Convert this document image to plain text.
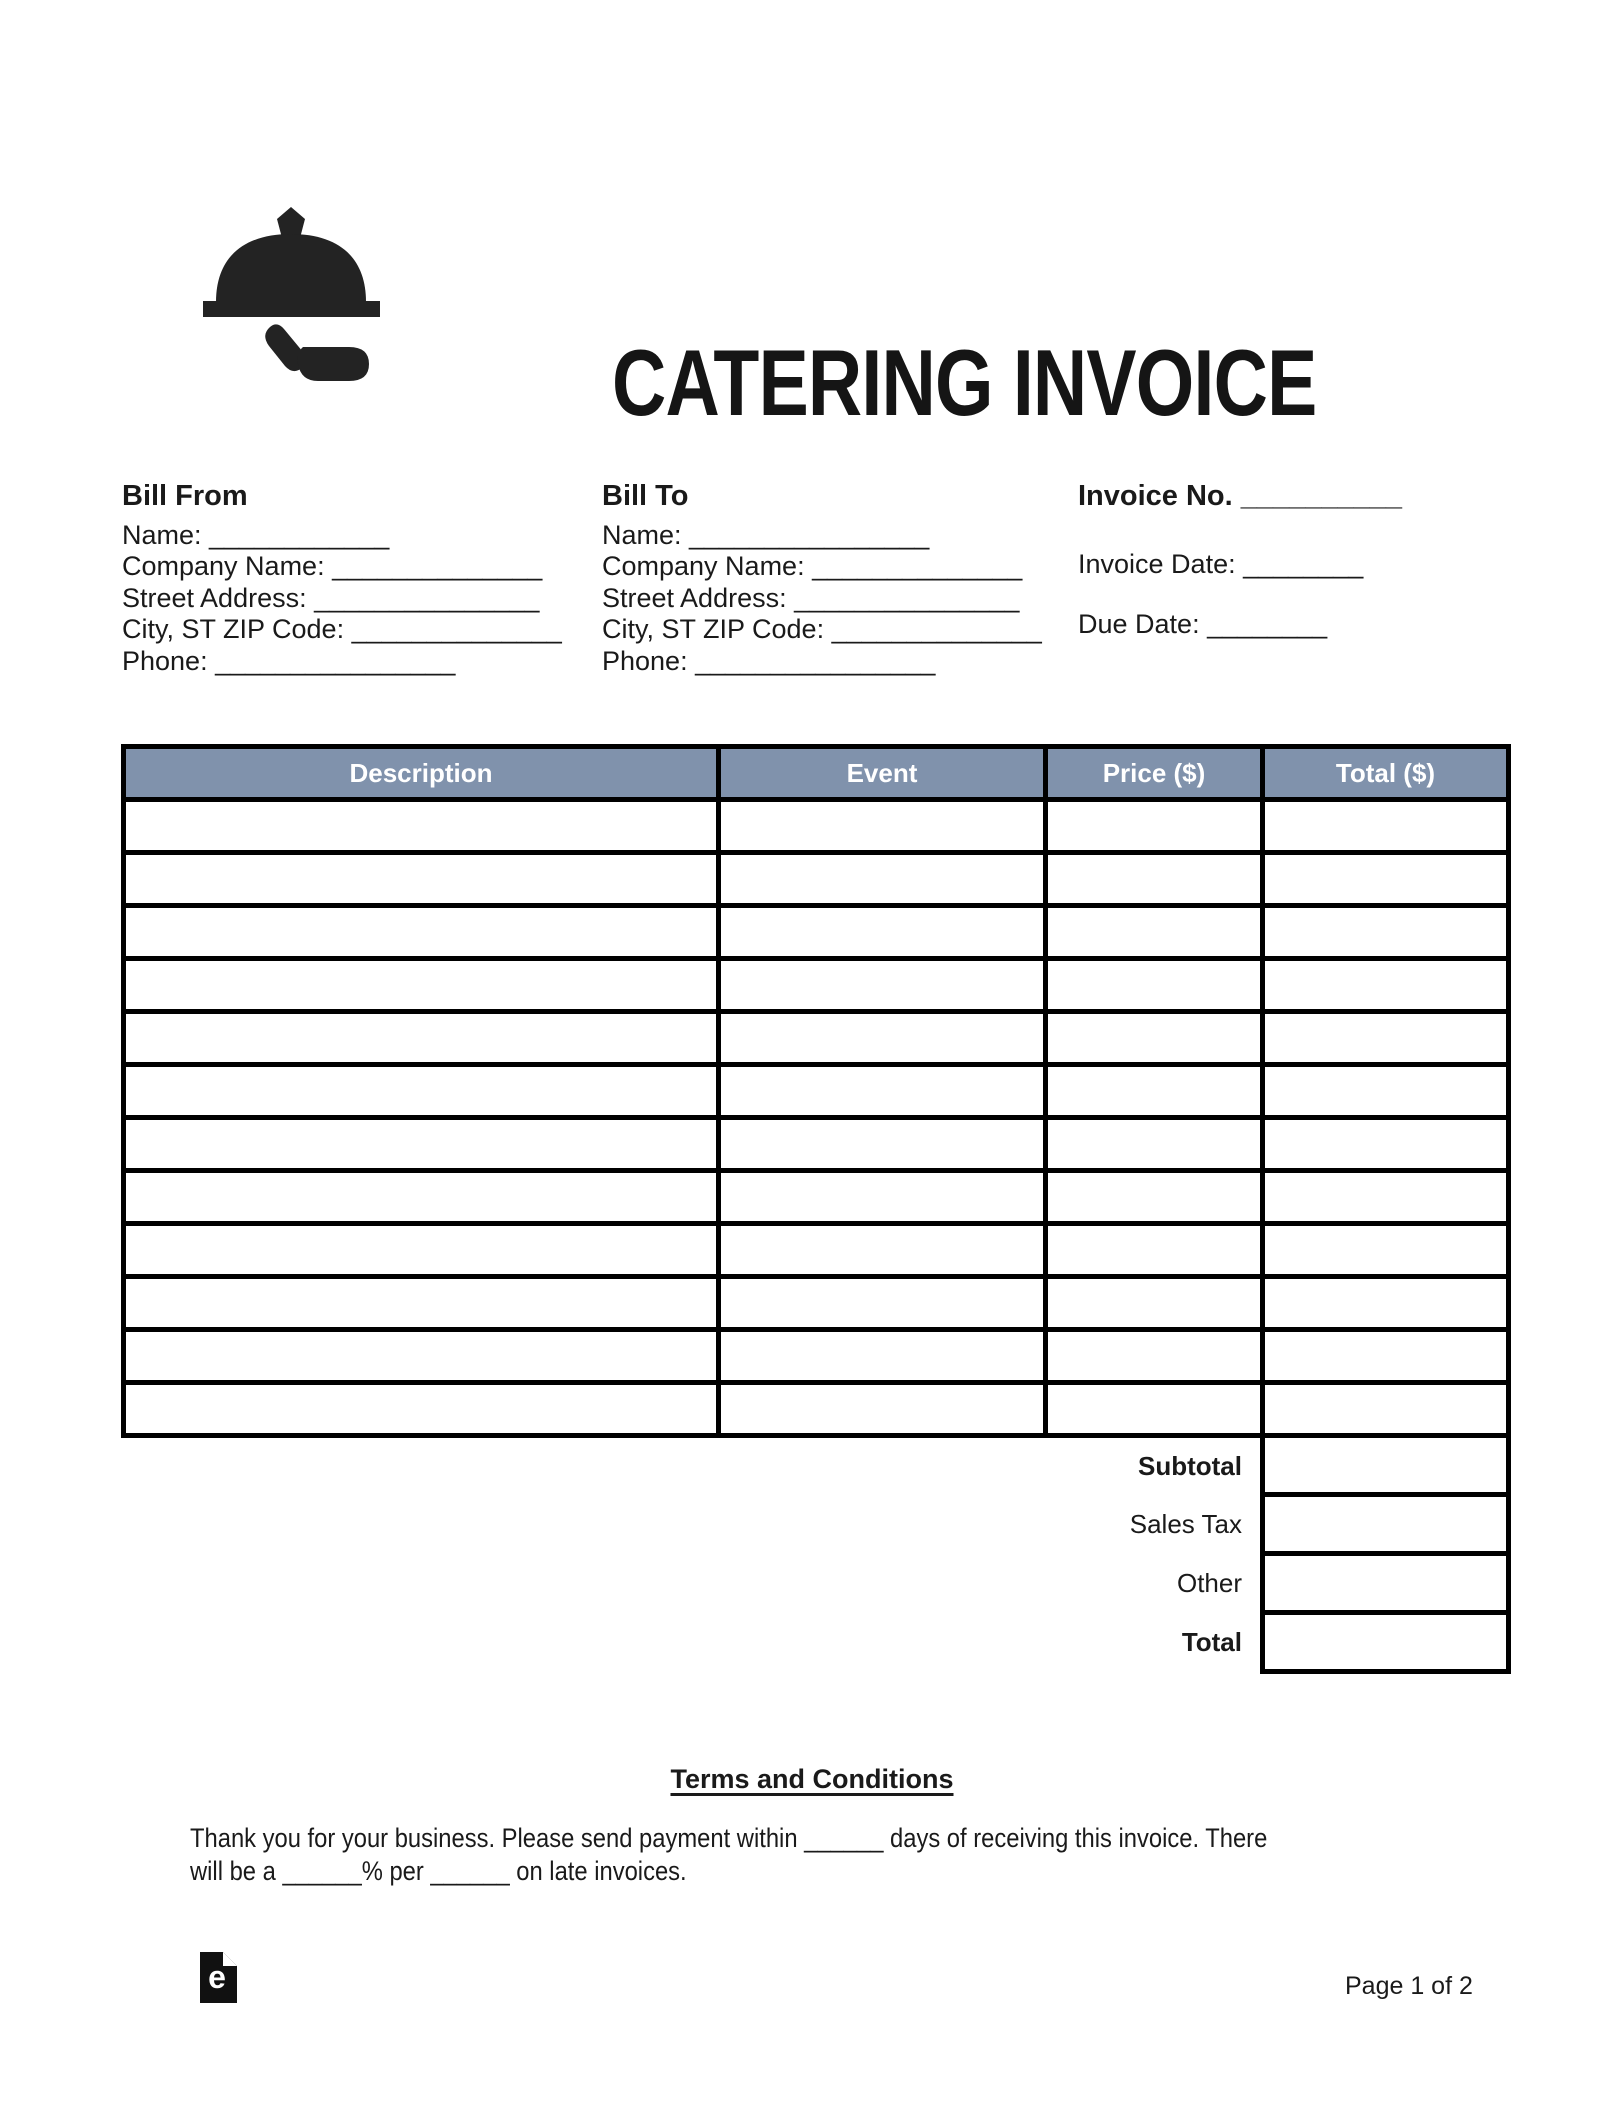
CATERING INVOICE
Bill From
Name: ____________
Company Name: ______________
Street Address: _______________
City, ST ZIP Code: ______________
Phone: ________________
Bill To
Name: ________________
Company Name: ______________
Street Address: _______________
City, ST ZIP Code: ______________
Phone: ________________
Invoice No. __________
Invoice Date: ________
Due Date: ________
Description	Event	Price ($)	Total ($)

Subtotal			
Sales Tax			
Other			
Total			
Terms and Conditions
Thank you for your business. Please send payment within ______ days of receiving this invoice. There
will be a ______% per ______ on late invoices.
e	Page 1 of 2
